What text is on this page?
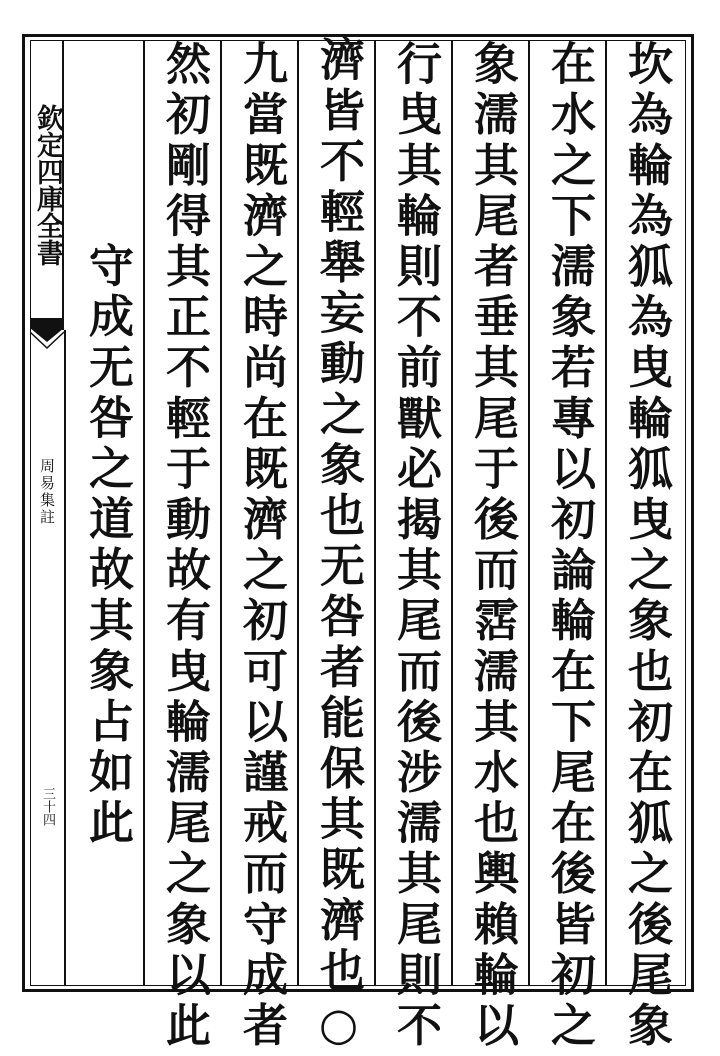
欽定四庫全書
周易集註
三十四	坎為輪為狐為曳輪狐曳之象也初在狐之後尾象
在水之下濡象若專以初論輪在下尾在後皆初之
象濡其尾者垂其尾于後而霑濡其水也輿賴輪以
行曳其輪則不前獸必揭其尾而後涉濡其尾則不
濟皆不輕舉妄動之象也无咎者能保其既濟也○
九當既濟之時尚在既濟之初可以謹戒而守成者
然初剛得其正不輕于動故有曳輪濡尾之象以此
守成无咎之道故其象占如此
